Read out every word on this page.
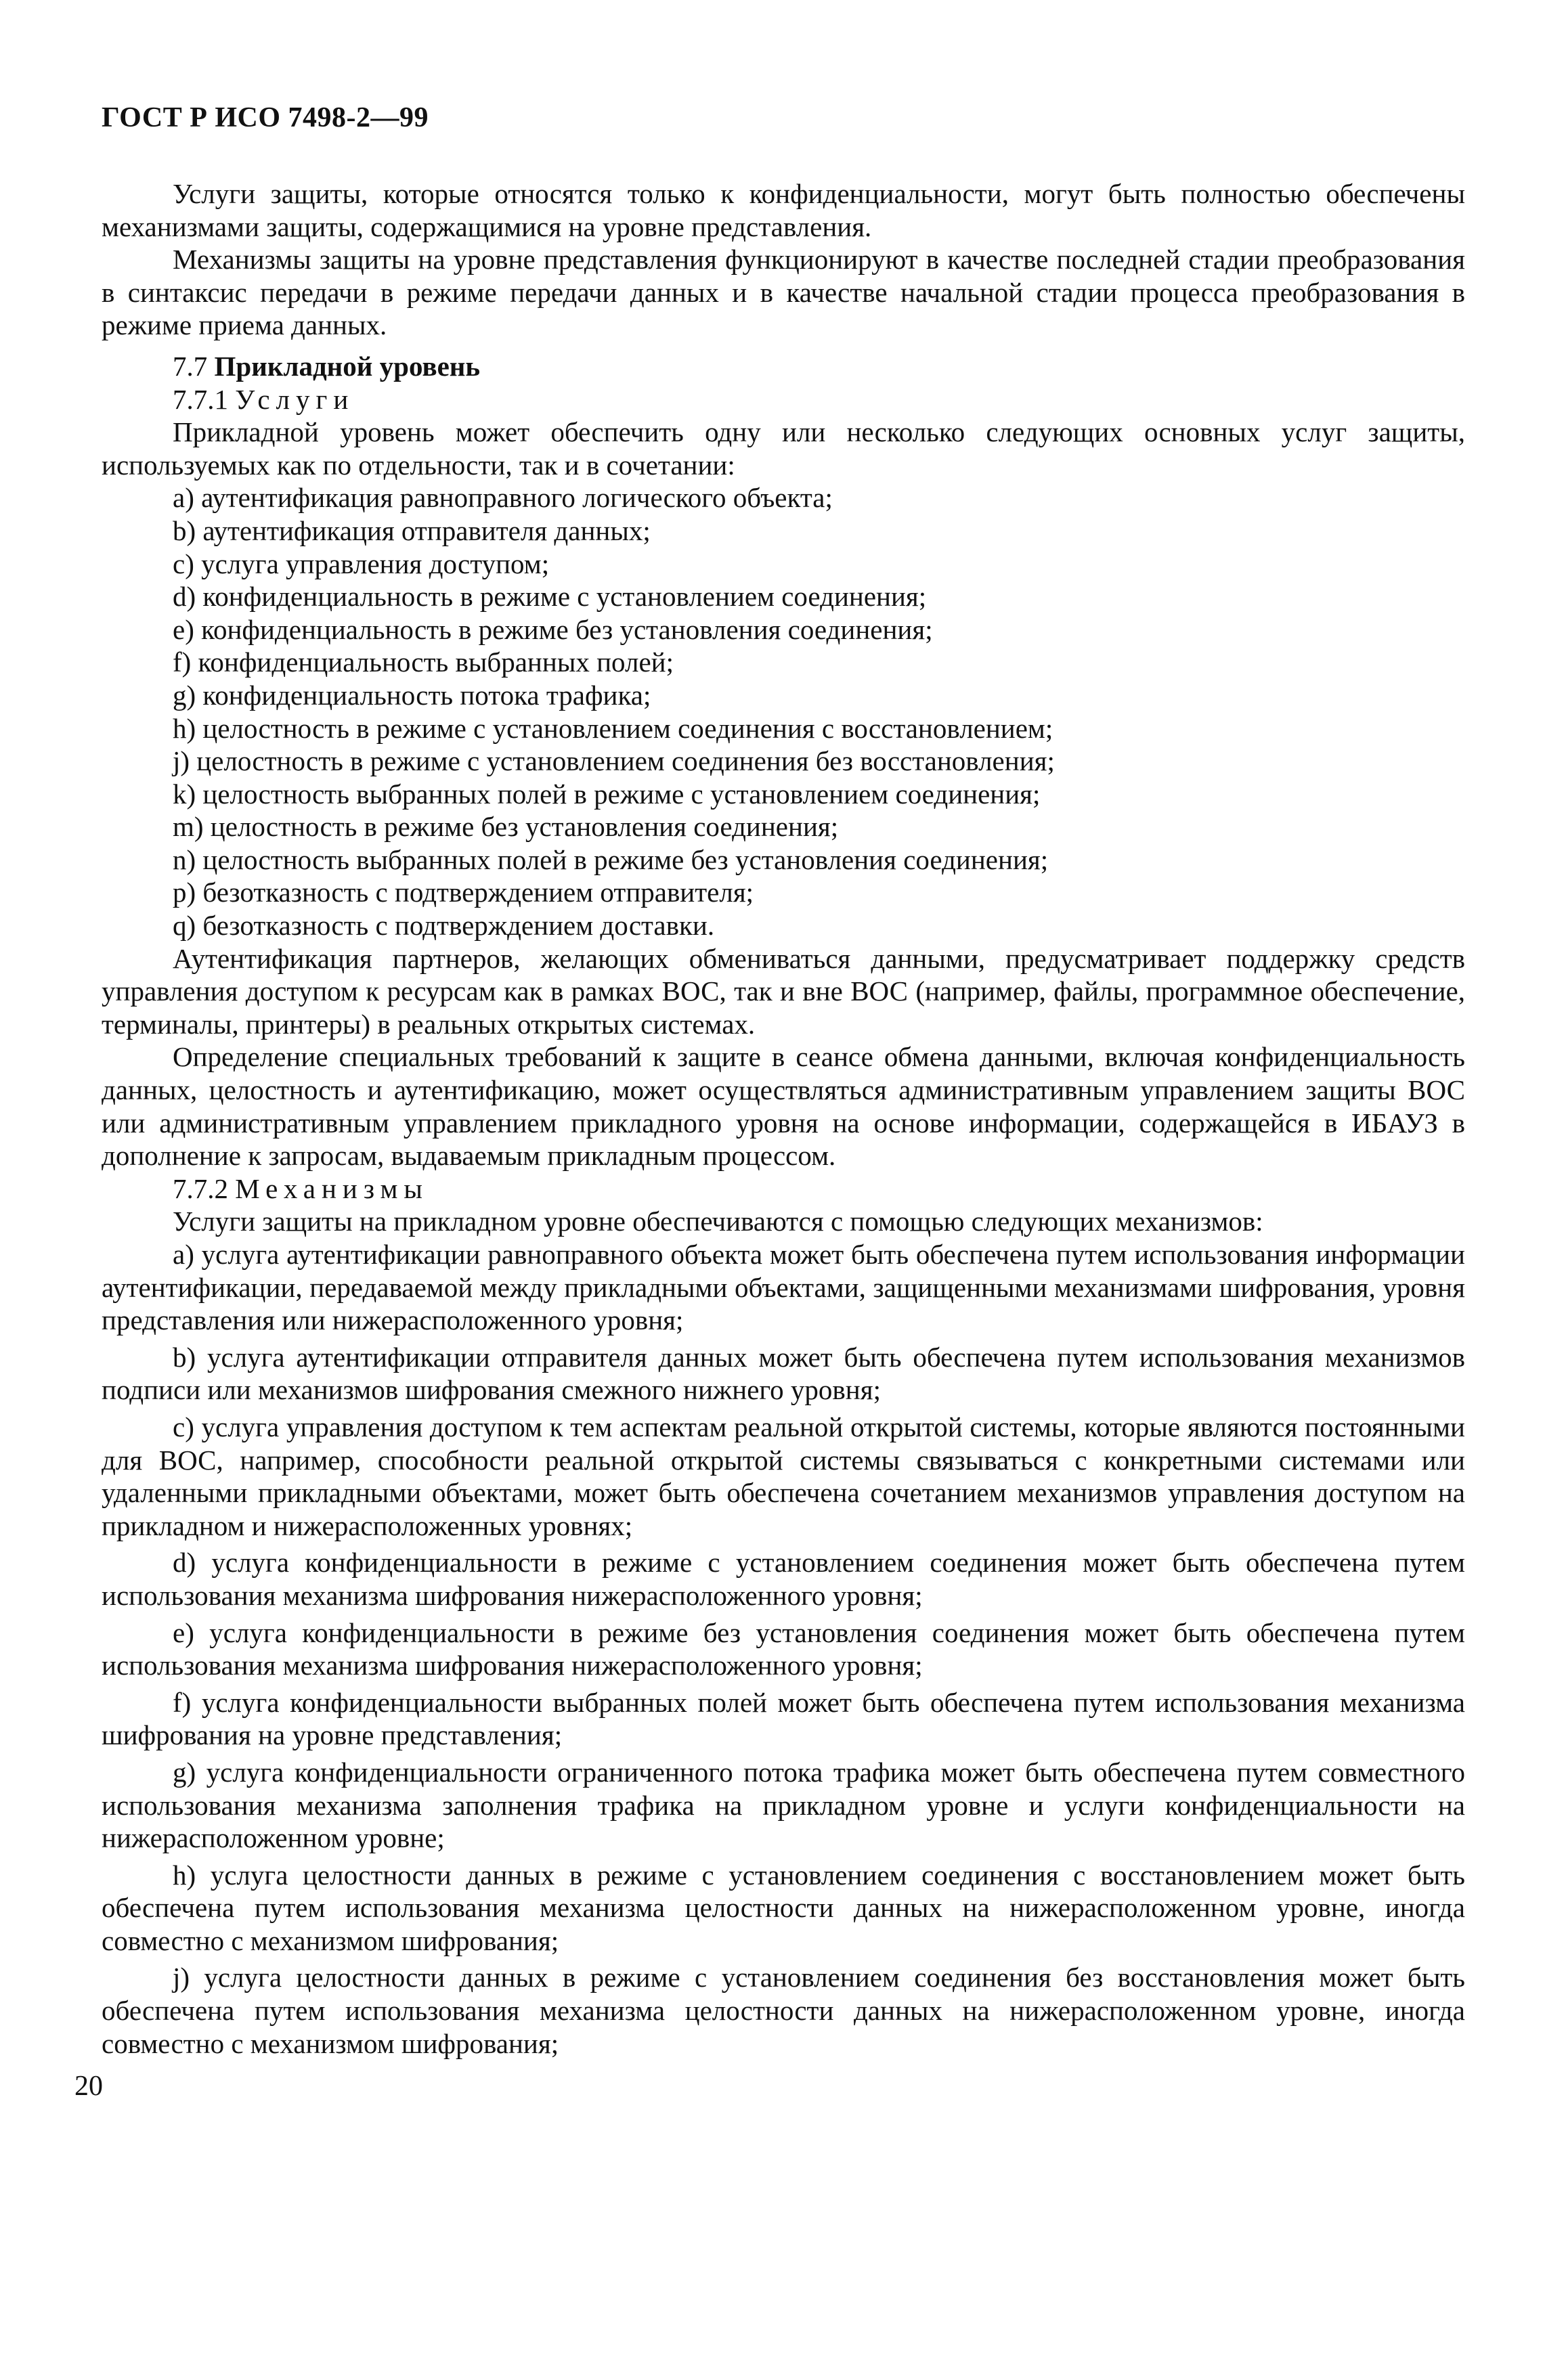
ГОСТ Р ИСО 7498-2—99

Услуги защиты, которые относятся только к конфиденциальности, могут быть полностью обеспечены механизмами защиты, содержащимися на уровне представления.

Механизмы защиты на уровне представления функционируют в качестве последней стадии преобразования в синтаксис передачи в режиме передачи данных и в качестве начальной стадии процесса преобразования в режиме приема данных.

7.7 Прикладной уровень

7.7.1 Услуги

Прикладной уровень может обеспечить одну или несколько следующих основных услуг защиты, используемых как по отдельности, так и в сочетании:

a) аутентификация равноправного логического объекта;

b) аутентификация отправителя данных;

c) услуга управления доступом;

d) конфиденциальность в режиме с установлением соединения;

e) конфиденциальность в режиме без установления соединения;

f) конфиденциальность выбранных полей;

g) конфиденциальность потока трафика;

h) целостность в режиме с установлением соединения с восстановлением;

j) целостность в режиме с установлением соединения без восстановления;

k) целостность выбранных полей в режиме с установлением соединения;

m) целостность в режиме без установления соединения;

n) целостность выбранных полей в режиме без установления соединения;

p) безотказность с подтверждением отправителя;

q) безотказность с подтверждением доставки.

Аутентификация партнеров, желающих обмениваться данными, предусматривает поддержку средств управления доступом к ресурсам как в рамках ВОС, так и вне ВОС (например, файлы, программное обеспечение, терминалы, принтеры) в реальных открытых системах.

Определение специальных требований к защите в сеансе обмена данными, включая конфиденциальность данных, целостность и аутентификацию, может осуществляться административным управлением защиты ВОС или административным управлением прикладного уровня на основе информации, содержащейся в ИБАУЗ в дополнение к запросам, выдаваемым прикладным процессом.

7.7.2 Механизмы

Услуги защиты на прикладном уровне обеспечиваются с помощью следующих механизмов:

a) услуга аутентификации равноправного объекта может быть обеспечена путем использования информации аутентификации, передаваемой между прикладными объектами, защищенными механизмами шифрования, уровня представления или нижерасположенного уровня;

b) услуга аутентификации отправителя данных может быть обеспечена путем использования механизмов подписи или механизмов шифрования смежного нижнего уровня;

c) услуга управления доступом к тем аспектам реальной открытой системы, которые являются постоянными для ВОС, например, способности реальной открытой системы связываться с конкретными системами или удаленными прикладными объектами, может быть обеспечена сочетанием механизмов управления доступом на прикладном и нижерасположенных уровнях;

d) услуга конфиденциальности в режиме с установлением соединения может быть обеспечена путем использования механизма шифрования нижерасположенного уровня;

e) услуга конфиденциальности в режиме без установления соединения может быть обеспечена путем использования механизма шифрования нижерасположенного уровня;

f) услуга конфиденциальности выбранных полей может быть обеспечена путем использования механизма шифрования на уровне представления;

g) услуга конфиденциальности ограниченного потока трафика может быть обеспечена путем совместного использования механизма заполнения трафика на прикладном уровне и услуги конфиденциальности на нижерасположенном уровне;

h) услуга целостности данных в режиме с установлением соединения с восстановлением может быть обеспечена путем использования механизма целостности данных на нижерасположенном уровне, иногда совместно с механизмом шифрования;

j) услуга целостности данных в режиме с установлением соединения без восстановления может быть обеспечена путем использования механизма целостности данных на нижерасположенном уровне, иногда совместно с механизмом шифрования;

20
